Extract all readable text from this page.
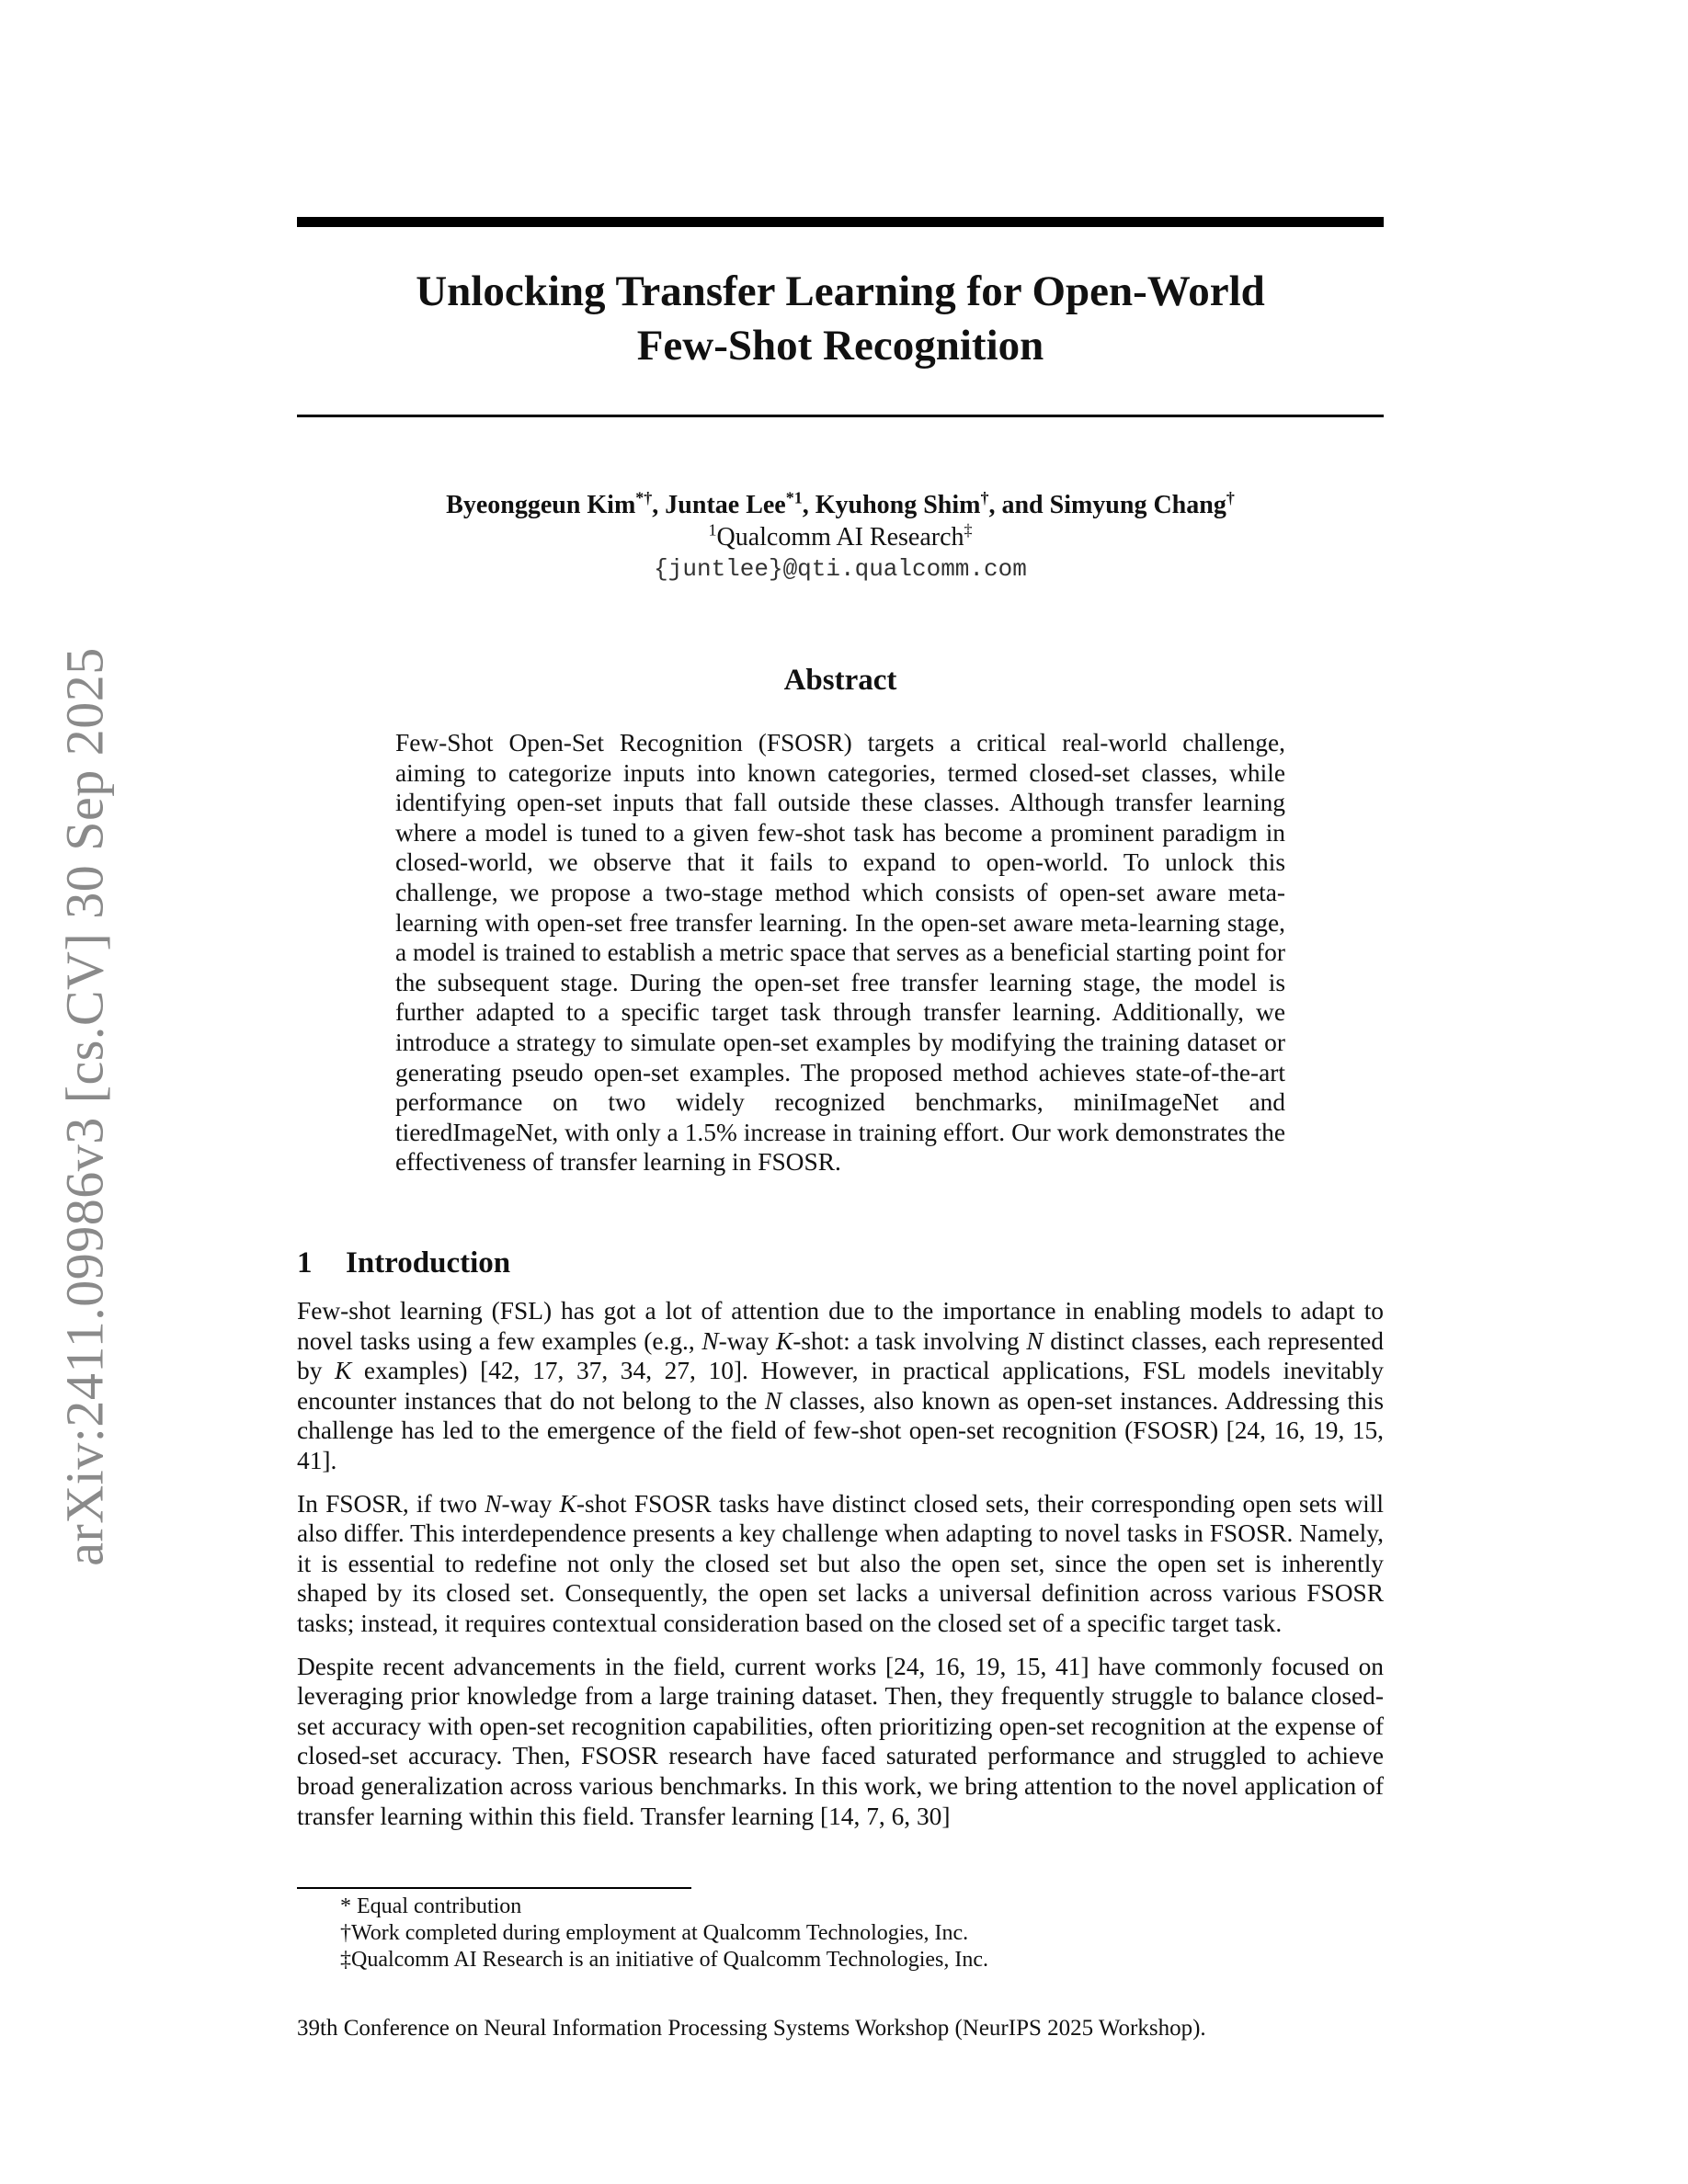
arXiv:2411.09986v3 [cs.CV] 30 Sep 2025
Unlocking Transfer Learning for Open-World
Few-Shot Recognition
Byeonggeun Kim*†, Juntae Lee$^{*1}$, Kyuhong Shim†, and Simyung Chang†
$^1$Qualcomm AI Research‡
{juntlee}@qti.qualcomm.com
Abstract
Few-Shot Open-Set Recognition (FSOSR) targets a critical real-world challenge, aiming to categorize inputs into known categories, termed closed-set classes, while identifying open-set inputs that fall outside these classes. Although transfer learning where a model is tuned to a given few-shot task has become a prominent paradigm in closed-world, we observe that it fails to expand to open-world. To unlock this challenge, we propose a two-stage method which consists of open-set aware meta-learning with open-set free transfer learning. In the open-set aware meta-learning stage, a model is trained to establish a metric space that serves as a beneficial starting point for the subsequent stage. During the open-set free transfer learning stage, the model is further adapted to a specific target task through transfer learning. Additionally, we introduce a strategy to simulate open-set examples by modifying the training dataset or generating pseudo open-set examples. The proposed method achieves state-of-the-art performance on two widely recognized benchmarks, miniImageNet and tieredImageNet, with only a 1.5% increase in training effort. Our work demonstrates the effectiveness of transfer learning in FSOSR.
1 Introduction

Few-shot learning (FSL) has got a lot of attention due to the importance in enabling models to adapt to novel tasks using a few examples (e.g., N-way K-shot: a task involving N distinct classes, each represented by K examples) [42, 17, 37, 34, 27, 10]. However, in practical applications, FSL models inevitably encounter instances that do not belong to the N classes, also known as open-set instances. Addressing this challenge has led to the emergence of the field of few-shot open-set recognition (FSOSR) [24, 16, 19, 15, 41].

In FSOSR, if two N-way K-shot FSOSR tasks have distinct closed sets, their corresponding open sets will also differ. This interdependence presents a key challenge when adapting to novel tasks in FSOSR. Namely, it is essential to redefine not only the closed set but also the open set, since the open set is inherently shaped by its closed set. Consequently, the open set lacks a universal definition across various FSOSR tasks; instead, it requires contextual consideration based on the closed set of a specific target task.

Despite recent advancements in the field, current works [24, 16, 19, 15, 41] have commonly focused on leveraging prior knowledge from a large training dataset. Then, they frequently struggle to balance closed-set accuracy with open-set recognition capabilities, often prioritizing open-set recognition at the expense of closed-set accuracy. Then, FSOSR research have faced saturated performance and struggled to achieve broad generalization across various benchmarks. In this work, we bring attention to the novel application of transfer learning within this field. Transfer learning [14, 7, 6, 30]

* Equal contribution
†Work completed during employment at Qualcomm Technologies, Inc.
‡Qualcomm AI Research is an initiative of Qualcomm Technologies, Inc.
39th Conference on Neural Information Processing Systems Workshop (NeurIPS 2025 Workshop).
